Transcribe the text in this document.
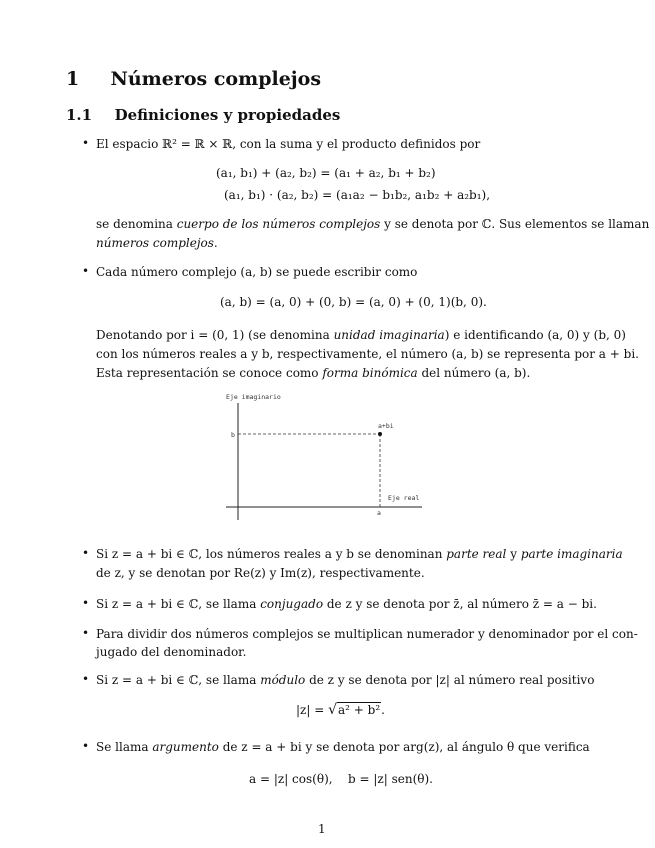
1 Números complejos
1.1 Definiciones y propiedades
• El espacio ℝ² = ℝ × ℝ, con la suma y el producto definidos por
(a₁, b₁) + (a₂, b₂) = (a₁ + a₂, b₁ + b₂)
(a₁, b₁) · (a₂, b₂) = (a₁a₂ − b₁b₂, a₁b₂ + a₂b₁),
se denomina cuerpo de los números complejos y se denota por ℂ. Sus elementos se llaman
números complejos.
• Cada número complejo (a, b) se puede escribir como
(a, b) = (a, 0) + (0, b) = (a, 0) + (0, 1)(b, 0).
Denotando por i = (0, 1) (se denomina unidad imaginaria) e identificando (a, 0) y (b, 0)
con los números reales a y b, respectivamente, el número (a, b) se representa por a + bi.
Esta representación se conoce como forma binómica del número (a, b).
Eje imaginario
a+bi
b
a
Eje real
• Si z = a + bi ∈ ℂ, los números reales a y b se denominan parte real y parte imaginaria
de z, y se denotan por Re(z) y Im(z), respectivamente.
• Si z = a + bi ∈ ℂ, se llama conjugado de z y se denota por z̄, al número z̄ = a − bi.
• Para dividir dos números complejos se multiplican numerador y denominador por el con-
jugado del denominador.
• Si z = a + bi ∈ ℂ, se llama módulo de z y se denota por |z| al número real positivo
|z| = √a² + b².
• Se llama argumento de z = a + bi y se denota por arg(z), al ángulo θ que verifica
a = |z| cos(θ), b = |z| sen(θ).
1
